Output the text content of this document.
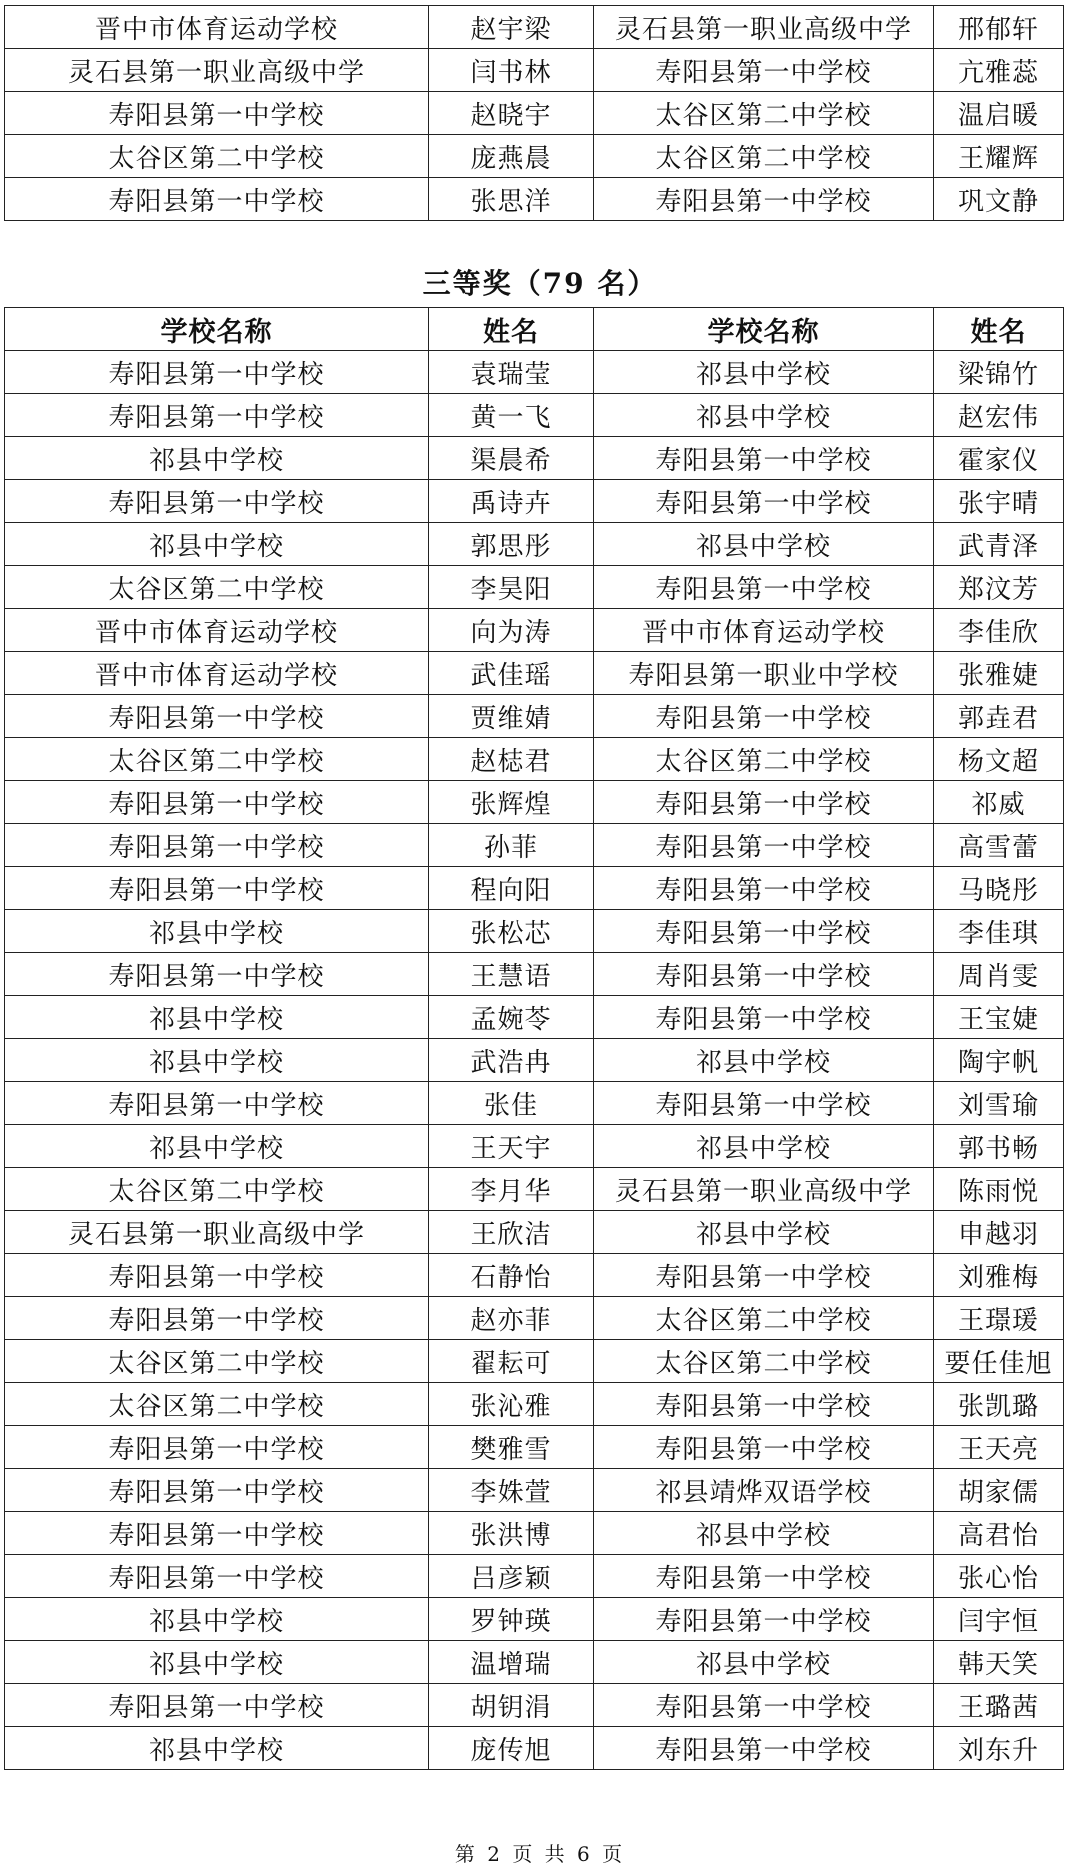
晋中市体育运动学校	赵宇梁	灵石县第一职业高级中学	邢郁轩
灵石县第一职业高级中学	闫书林	寿阳县第一中学校	亢雅蕊
寿阳县第一中学校	赵晓宇	太谷区第二中学校	温启暖
太谷区第二中学校	庞燕晨	太谷区第二中学校	王耀辉
寿阳县第一中学校	张思洋	寿阳县第一中学校	巩文静
三等奖（79 名）
学校名称	姓名	学校名称	姓名
寿阳县第一中学校	袁瑞莹	祁县中学校	梁锦竹
寿阳县第一中学校	黄一飞	祁县中学校	赵宏伟
祁县中学校	渠晨希	寿阳县第一中学校	霍家仪
寿阳县第一中学校	禹诗卉	寿阳县第一中学校	张宇晴
祁县中学校	郭思彤	祁县中学校	武青泽
太谷区第二中学校	李昊阳	寿阳县第一中学校	郑汶芳
晋中市体育运动学校	向为涛	晋中市体育运动学校	李佳欣
晋中市体育运动学校	武佳瑶	寿阳县第一职业中学校	张雅婕
寿阳县第一中学校	贾维婧	寿阳县第一中学校	郭垚君
太谷区第二中学校	赵梽君	太谷区第二中学校	杨文超
寿阳县第一中学校	张辉煌	寿阳县第一中学校	祁威
寿阳县第一中学校	孙菲	寿阳县第一中学校	高雪蕾
寿阳县第一中学校	程向阳	寿阳县第一中学校	马晓彤
祁县中学校	张松芯	寿阳县第一中学校	李佳琪
寿阳县第一中学校	王慧语	寿阳县第一中学校	周肖雯
祁县中学校	孟婉苓	寿阳县第一中学校	王宝婕
祁县中学校	武浩冉	祁县中学校	陶宇帆
寿阳县第一中学校	张佳	寿阳县第一中学校	刘雪瑜
祁县中学校	王天宇	祁县中学校	郭书畅
太谷区第二中学校	李月华	灵石县第一职业高级中学	陈雨悦
灵石县第一职业高级中学	王欣洁	祁县中学校	申越羽
寿阳县第一中学校	石静怡	寿阳县第一中学校	刘雅梅
寿阳县第一中学校	赵亦菲	太谷区第二中学校	王璟瑗
太谷区第二中学校	翟耘可	太谷区第二中学校	要任佳旭
太谷区第二中学校	张沁雅	寿阳县第一中学校	张凯璐
寿阳县第一中学校	樊雅雪	寿阳县第一中学校	王天亮
寿阳县第一中学校	李姝萱	祁县靖烨双语学校	胡家儒
寿阳县第一中学校	张洪博	祁县中学校	高君怡
寿阳县第一中学校	吕彦颖	寿阳县第一中学校	张心怡
祁县中学校	罗钟瑛	寿阳县第一中学校	闫宇恒
祁县中学校	温增瑞	祁县中学校	韩天笑
寿阳县第一中学校	胡钥涓	寿阳县第一中学校	王璐茜
祁县中学校	庞传旭	寿阳县第一中学校	刘东升
第 2 页 共 6 页
